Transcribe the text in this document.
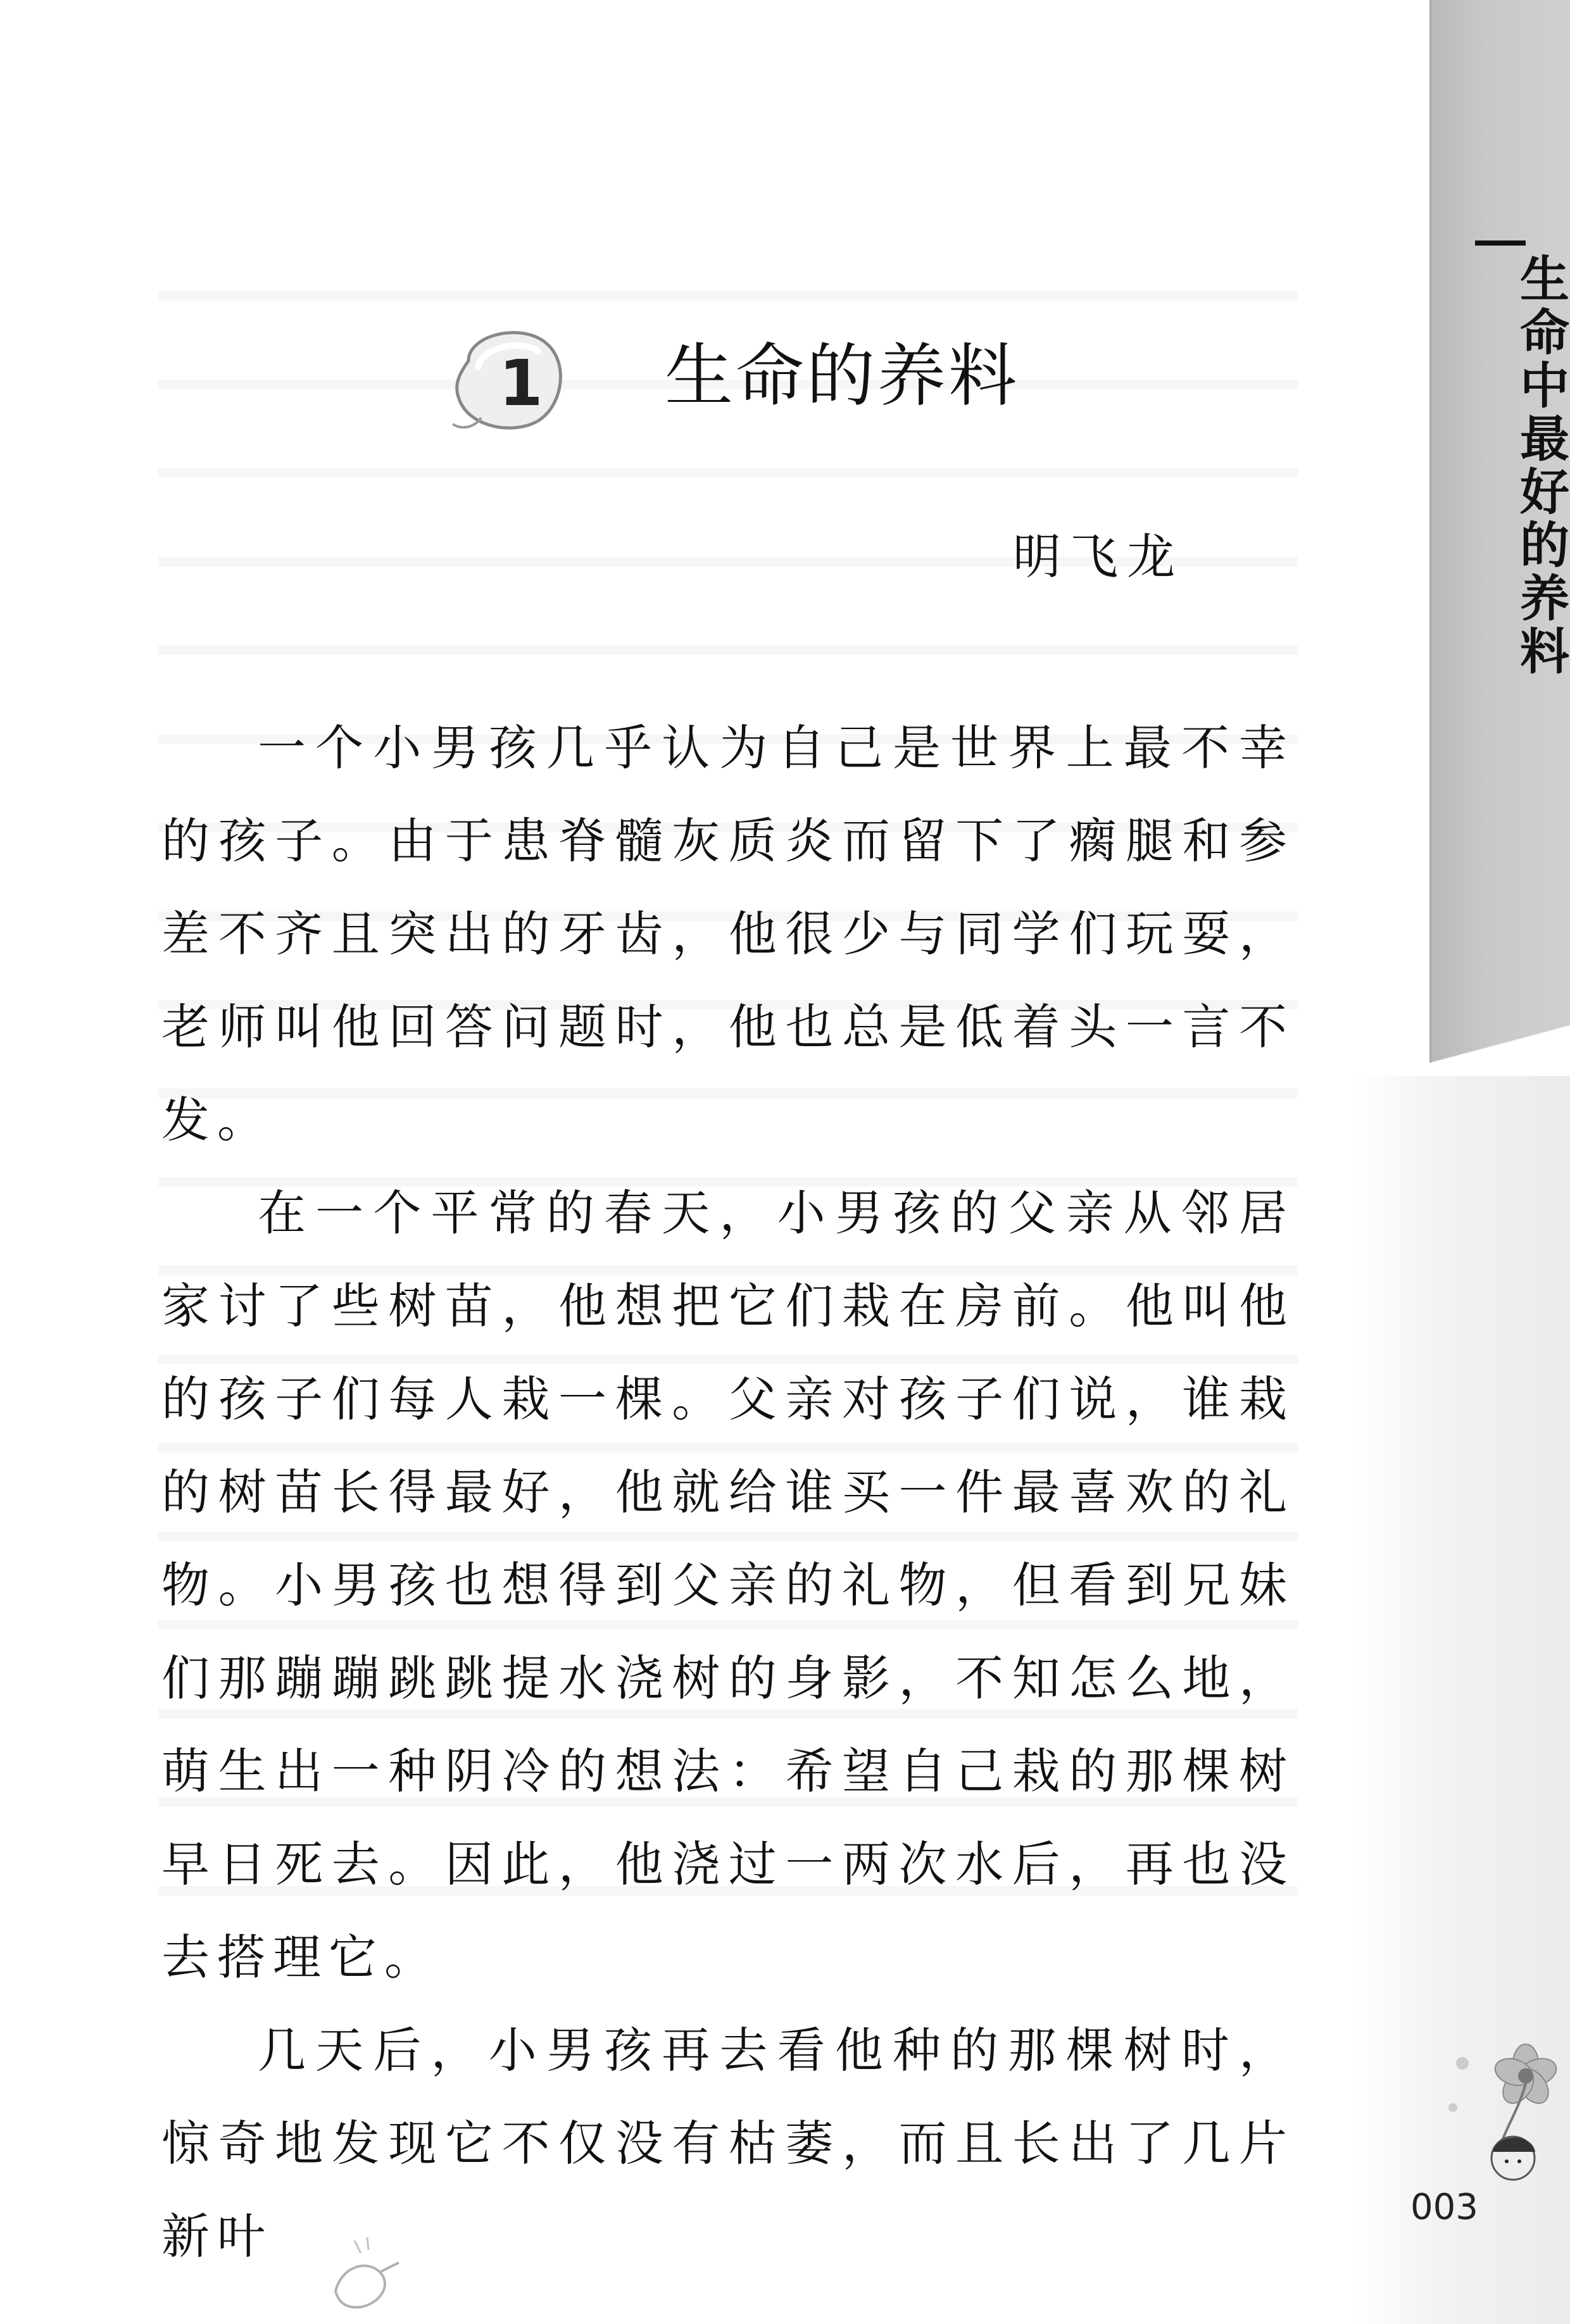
生命中最好的养料
1 生命的养料
明飞龙

一个小男孩几乎认为自己是世界上最不幸的孩子。由于患脊髓灰质炎而留下了瘸腿和参差不齐且突出的牙齿，他很少与同学们玩耍，老师叫他回答问题时，他也总是低着头一言不发。

在一个平常的春天，小男孩的父亲从邻居家讨了些树苗，他想把它们栽在房前。他叫他的孩子们每人栽一棵。父亲对孩子们说，谁栽的树苗长得最好，他就给谁买一件最喜欢的礼物。小男孩也想得到父亲的礼物，但看到兄妹们那蹦蹦跳跳提水浇树的身影，不知怎么地，萌生出一种阴冷的想法：希望自己栽的那棵树早日死去。因此，他浇过一两次水后，再也没去搭理它。

几天后，小男孩再去看他种的那棵树时，惊奇地发现它不仅没有枯萎，而且长出了几片新叶

003
